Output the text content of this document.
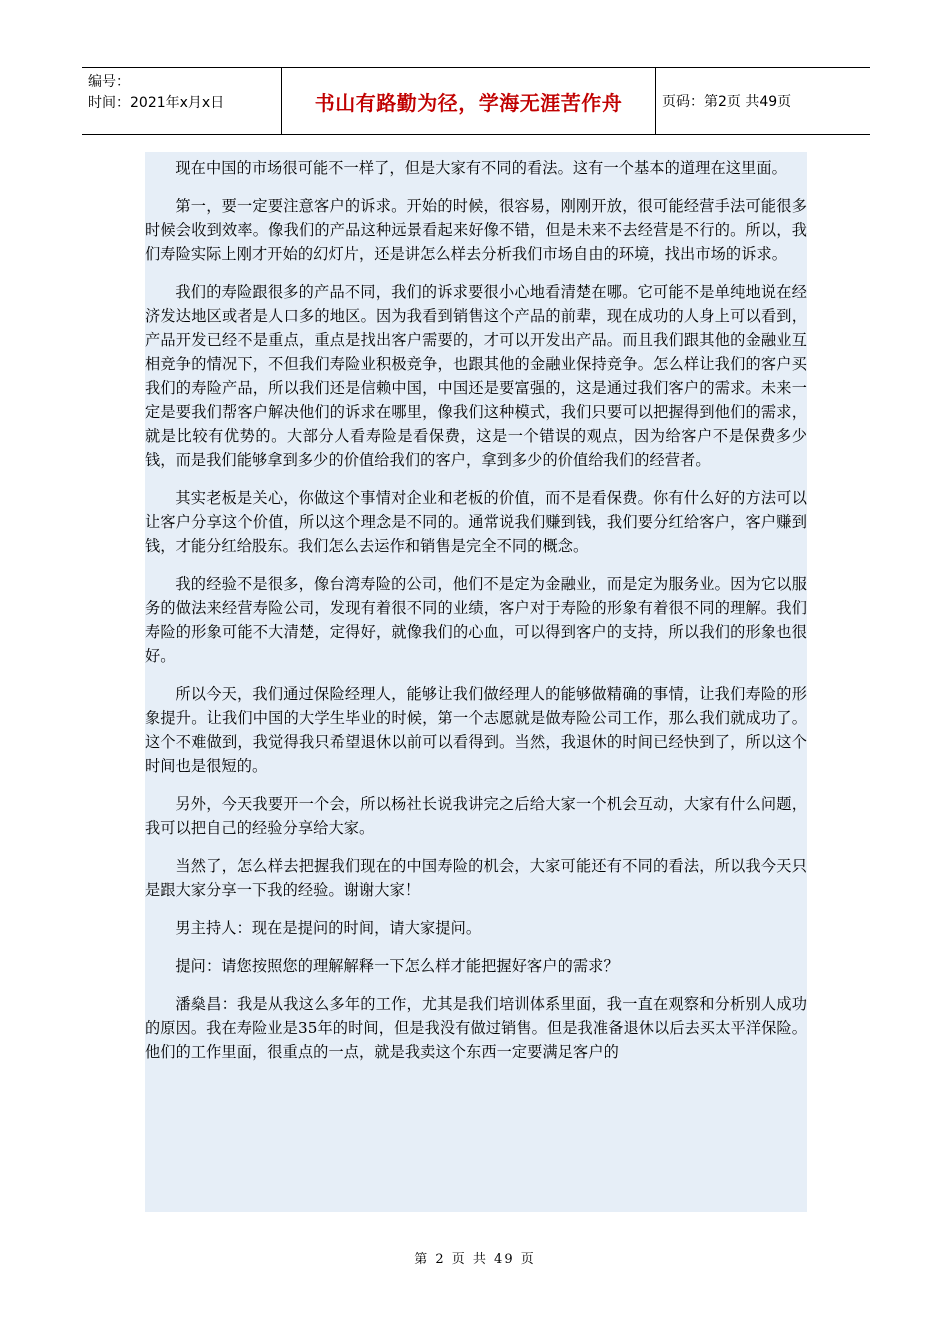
编号：
时间：2021年x月x日	书山有路勤为径，学海无涯苦作舟	页码：第2页 共49页

现在中国的市场很可能不一样了，但是大家有不同的看法。这有一个基本的道理在这里面。

第一，要一定要注意客户的诉求。开始的时候，很容易，刚刚开放，很可能经营手法可能很多时候会收到效率。像我们的产品这种远景看起来好像不错，但是未来不去经营是不行的。所以，我们寿险实际上刚才开始的幻灯片，还是讲怎么样去分析我们市场自由的环境，找出市场的诉求。

我们的寿险跟很多的产品不同，我们的诉求要很小心地看清楚在哪。它可能不是单纯地说在经济发达地区或者是人口多的地区。因为我看到销售这个产品的前辈，现在成功的人身上可以看到，产品开发已经不是重点，重点是找出客户需要的，才可以开发出产品。而且我们跟其他的金融业互相竞争的情况下，不但我们寿险业积极竞争，也跟其他的金融业保持竞争。怎么样让我们的客户买我们的寿险产品，所以我们还是信赖中国，中国还是要富强的，这是通过我们客户的需求。未来一定是要我们帮客户解决他们的诉求在哪里，像我们这种模式，我们只要可以把握得到他们的需求，就是比较有优势的。大部分人看寿险是看保费，这是一个错误的观点，因为给客户不是保费多少钱，而是我们能够拿到多少的价值给我们的客户，拿到多少的价值给我们的经营者。

其实老板是关心，你做这个事情对企业和老板的价值，而不是看保费。你有什么好的方法可以让客户分享这个价值，所以这个理念是不同的。通常说我们赚到钱，我们要分红给客户，客户赚到钱，才能分红给股东。我们怎么去运作和销售是完全不同的概念。

我的经验不是很多，像台湾寿险的公司，他们不是定为金融业，而是定为服务业。因为它以服务的做法来经营寿险公司，发现有着很不同的业绩，客户对于寿险的形象有着很不同的理解。我们寿险的形象可能不大清楚，定得好，就像我们的心血，可以得到客户的支持，所以我们的形象也很好。

所以今天，我们通过保险经理人，能够让我们做经理人的能够做精确的事情，让我们寿险的形象提升。让我们中国的大学生毕业的时候，第一个志愿就是做寿险公司工作，那么我们就成功了。这个不难做到，我觉得我只希望退休以前可以看得到。当然，我退休的时间已经快到了，所以这个时间也是很短的。

另外，今天我要开一个会，所以杨社长说我讲完之后给大家一个机会互动，大家有什么问题，我可以把自己的经验分享给大家。

当然了，怎么样去把握我们现在的中国寿险的机会，大家可能还有不同的看法，所以我今天只是跟大家分享一下我的经验。谢谢大家！

男主持人：现在是提问的时间，请大家提问。

提问：请您按照您的理解解释一下怎么样才能把握好客户的需求？

潘燊昌：我是从我这么多年的工作，尤其是我们培训体系里面，我一直在观察和分析别人成功的原因。我在寿险业是35年的时间，但是我没有做过销售。但是我准备退休以后去买太平洋保险。他们的工作里面，很重点的一点，就是我卖这个东西一定要满足客户的

第 2 页 共 49 页
